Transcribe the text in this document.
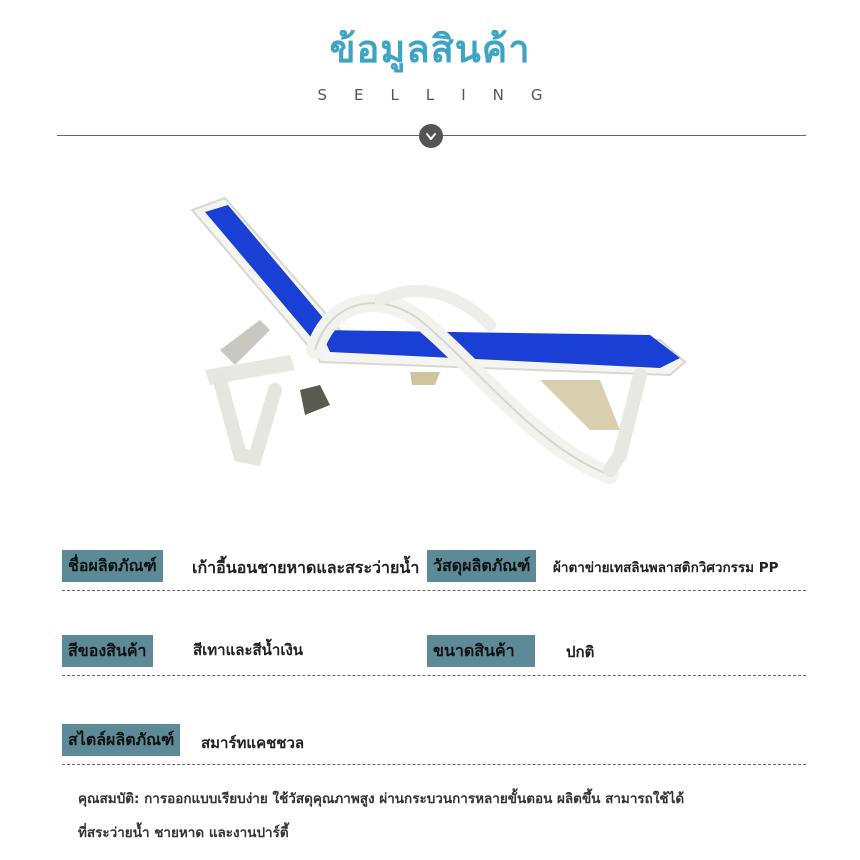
ข้อมูลสินค้า
SELLING
ชื่อผลิตภัณฑ์	เก้าอี้นอนชายหาดและสระว่ายน้ำ วัสดุผลิตภัณฑ์	ผ้าตาข่ายเทสลินพลาสติกวิศวกรรม PP
สีของสินค้า	สีเทาและสีน้ำเงิน	ขนาดสินค้า	ปกติ
สไตล์ผลิตภัณฑ์	สมาร์ทแคชชวล
คุณสมบัติ: การออกแบบเรียบง่าย ใช้วัสดุคุณภาพสูง ผ่านกระบวนการหลายขั้นตอน ผลิตขึ้น สามารถใช้ได้
ที่สระว่ายน้ำ ชายหาด และงานปาร์ตี้
